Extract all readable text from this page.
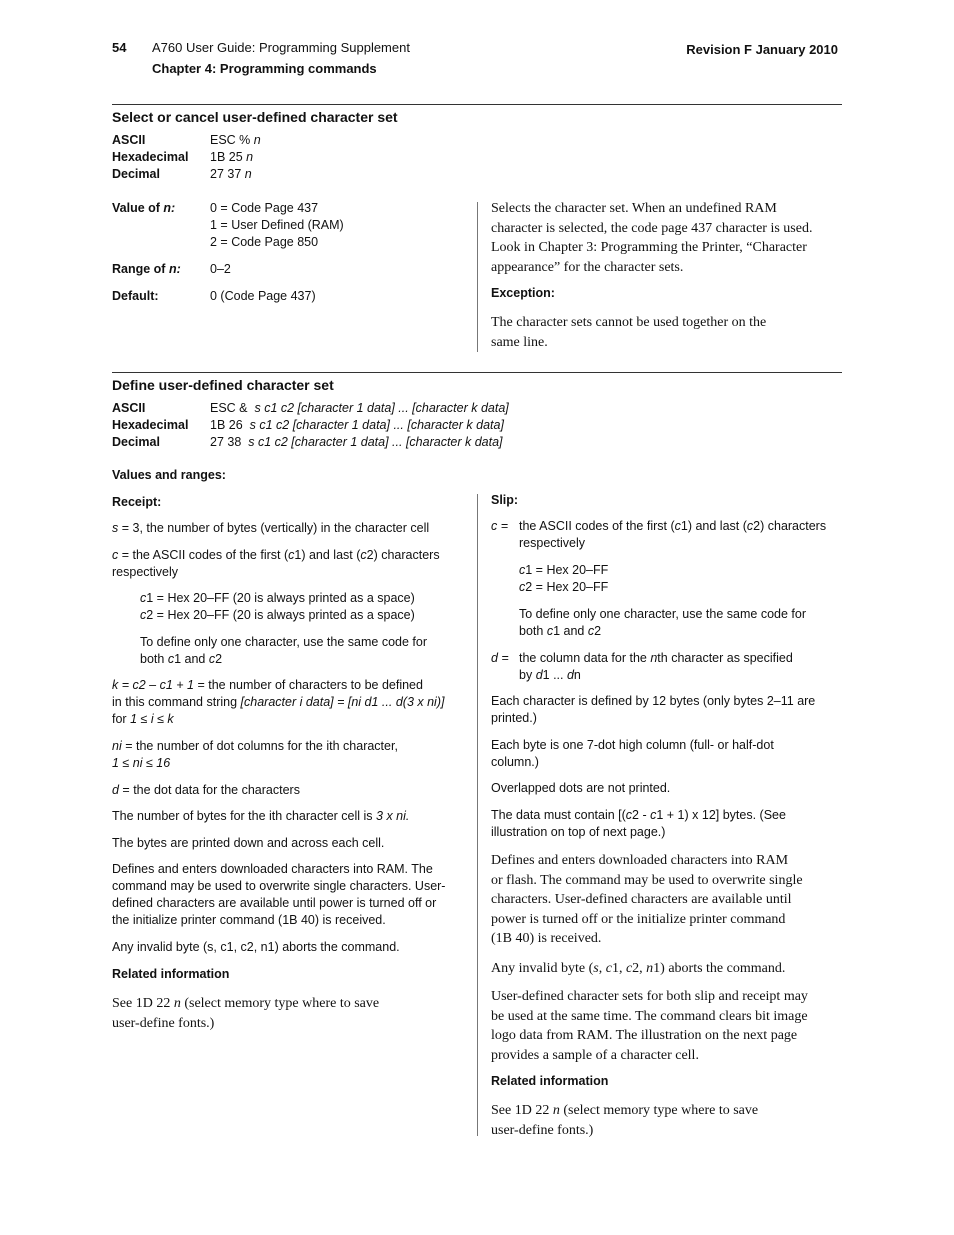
54 A760 User Guide: Programming Supplement
Chapter 4: Programming commands
Revision F January 2010
Select or cancel user-defined character set
ASCII	ESC % n
Hexadecimal 1B 25 n
Decimal	27 37 n
Value of n:	0 = Code Page 437
1 = User Defined (RAM)
2 = Code Page 850
Range of n: 0–2
Default:	0 (Code Page 437)
Selects the character set. When an undefined RAM
character is selected, the code page 437 character is used.
Look in Chapter 3: Programming the Printer, “Character
appearance” for the character sets.
Exception:
The character sets cannot be used together on the
same line.
Define user-defined character set
ASCII	ESC & s c1 c2 [character 1 data] ... [character k data]
Hexadecimal 1B 26 s c1 c2 [character 1 data] ... [character k data]
Decimal	27 38 s c1 c2 [character 1 data] ... [character k data]
Values and ranges:
Receipt:
s = 3, the number of bytes (vertically) in the character cell
c = the ASCII codes of the first (c1) and last (c2) characters
respectively
c1 = Hex 20–FF (20 is always printed as a space)
c2 = Hex 20–FF (20 is always printed as a space)
To define only one character, use the same code for
both c1 and c2
k = c2 – c1 + 1 = the number of characters to be defined
in this command string [character i data] = [ni d1 ... d(3 x ni)]
for 1 ≤ i ≤ k
ni = the number of dot columns for the ith character,
1 ≤ ni ≤ 16
d = the dot data for the characters
The number of bytes for the ith character cell is 3 x ni.
The bytes are printed down and across each cell.
Defines and enters downloaded characters into RAM. The
command may be used to overwrite single characters. User-
defined characters are available until power is turned off or
the initialize printer command (1B 40) is received.
Any invalid byte (s, c1, c2, n1) aborts the command.
Related information
See 1D 22 n (select memory type where to save
user-define fonts.)
Slip:
c = the ASCII codes of the first (c1) and last (c2) characters
respectively
c1 = Hex 20–FF
c2 = Hex 20–FF
To define only one character, use the same code for
both c1 and c2
d = the column data for the nth character as specified
by d1 ... dn
Each character is defined by 12 bytes (only bytes 2–11 are
printed.)
Each byte is one 7-dot high column (full- or half-dot
column.)
Overlapped dots are not printed.
The data must contain [(c2 - c1 + 1) x 12] bytes. (See
illustration on top of next page.)
Defines and enters downloaded characters into RAM
or flash. The command may be used to overwrite single
characters. User-defined characters are available until
power is turned off or the initialize printer command
(1B 40) is received.
Any invalid byte (s, c1, c2, n1) aborts the command.
User-defined character sets for both slip and receipt may
be used at the same time. The command clears bit image
logo data from RAM. The illustration on the next page
provides a sample of a character cell.
Related information
See 1D 22 n (select memory type where to save
user-define fonts.)
